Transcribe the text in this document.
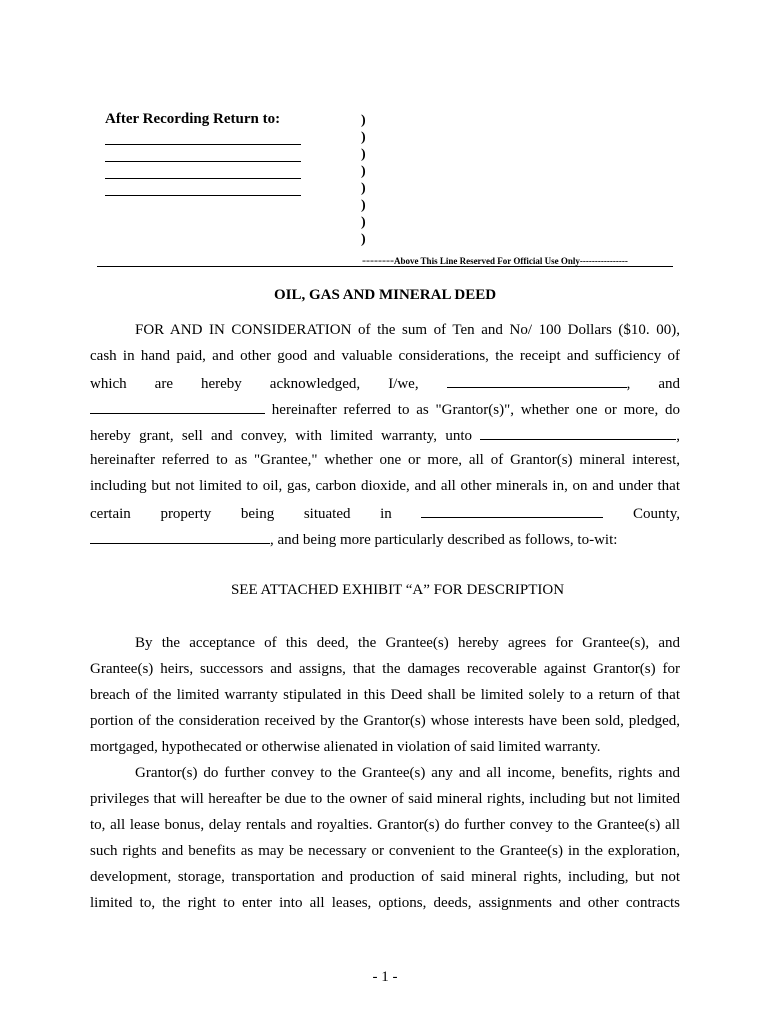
After Recording Return to:	)
)
)
)
)
)
)
)
--------Above This Line Reserved For Official Use Only----------------
OIL, GAS AND MINERAL DEED
FOR AND IN CONSIDERATION of the sum of Ten and No/ 100 Dollars ($10. 00),
cash in hand paid, and other good and valuable considerations, the receipt and sufficiency of
which are hereby acknowledged, I/we,	, and
hereinafter referred to as "Grantor(s)", whether one or more, do
hereby grant, sell and convey, with limited warranty, unto	,
hereinafter referred to as "Grantee," whether one or more, all of Grantor(s) mineral interest,
including but not limited to oil, gas, carbon dioxide, and all other minerals in, on and under that
certain property being situated in	County,
, and being more particularly described as follows, to-wit:
SEE ATTACHED EXHIBIT “A” FOR DESCRIPTION
By the acceptance of this deed, the Grantee(s) hereby agrees for Grantee(s), and
Grantee(s) heirs, successors and assigns, that the damages recoverable against Grantor(s) for
breach of the limited warranty stipulated in this Deed shall be limited solely to a return of that
portion of the consideration received by the Grantor(s) whose interests have been sold, pledged,
mortgaged, hypothecated or otherwise alienated in violation of said limited warranty.
Grantor(s) do further convey to the Grantee(s) any and all income, benefits, rights and
privileges that will hereafter be due to the owner of said mineral rights, including but not limited
to, all lease bonus, delay rentals and royalties. Grantor(s) do further convey to the Grantee(s) all
such rights and benefits as may be necessary or convenient to the Grantee(s) in the exploration,
development, storage, transportation and production of said mineral rights, including, but not
limited to, the right to enter into all leases, options, deeds, assignments and other contracts
- 1 -
